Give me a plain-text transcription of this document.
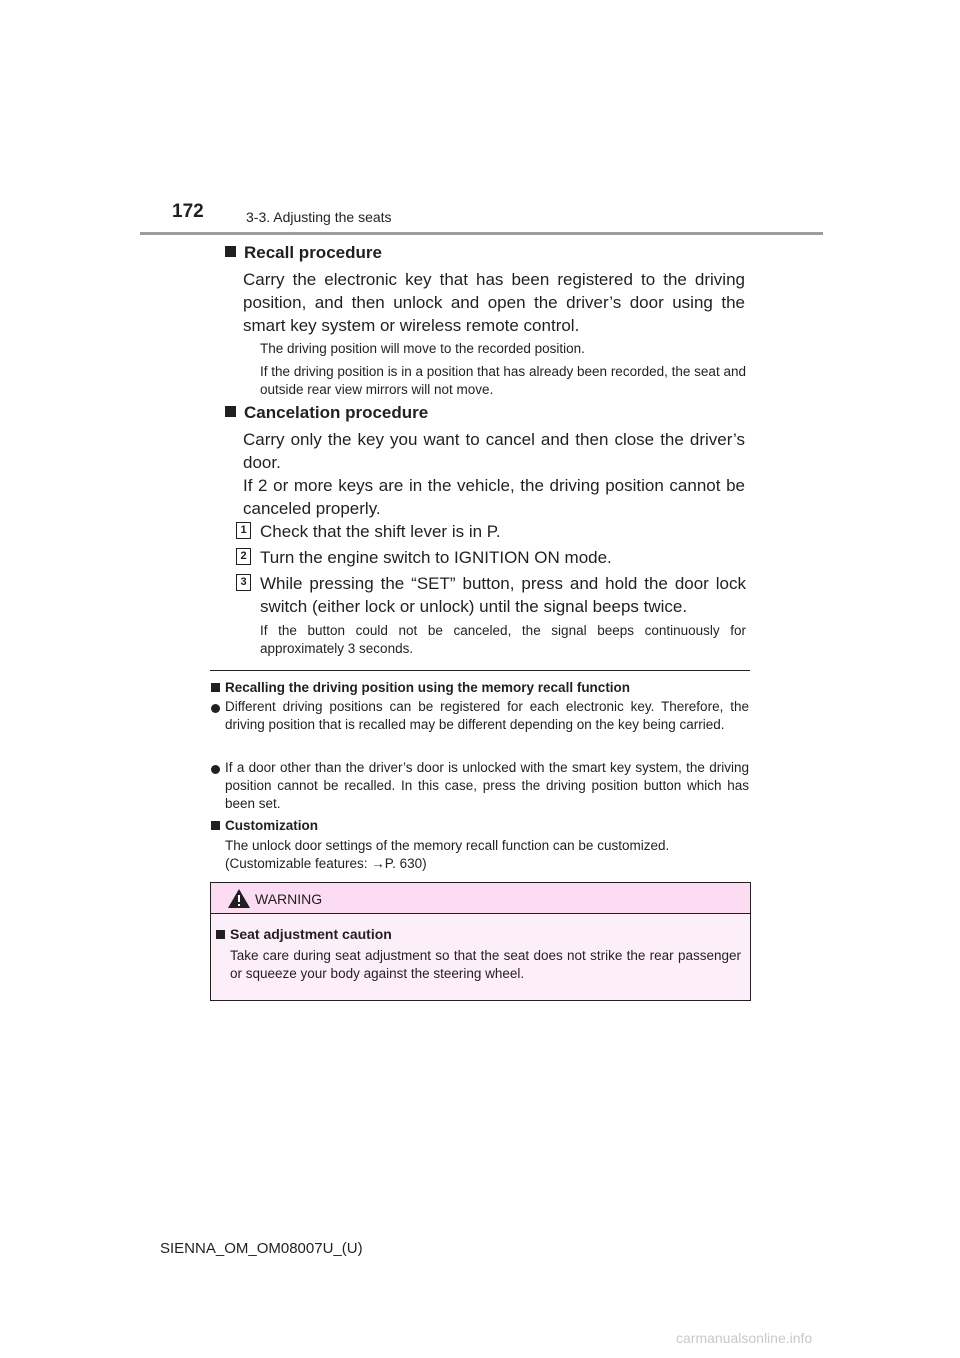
172	3-3. Adjusting the seats
Recall procedure
Carry the electronic key that has been registered to the driving position, and then unlock and open the driver’s door using the smart key system or wireless remote control.
The driving position will move to the recorded position.
If the driving position is in a position that has already been recorded, the seat and outside rear view mirrors will not move.
Cancelation procedure
Carry only the key you want to cancel and then close the driver’s door.
If 2 or more keys are in the vehicle, the driving position cannot be canceled properly.
1 Check that the shift lever is in P.
2 Turn the engine switch to IGNITION ON mode.
3 While pressing the “SET” button, press and hold the door lock switch (either lock or unlock) until the signal beeps twice.
If the button could not be canceled, the signal beeps continuously for approximately 3 seconds.
Recalling the driving position using the memory recall function
Different driving positions can be registered for each electronic key. Therefore, the driving position that is recalled may be different depending on the key being carried.
If a door other than the driver’s door is unlocked with the smart key system, the driving position cannot be recalled. In this case, press the driving position button which has been set.
Customization
The unlock door settings of the memory recall function can be customized.
(Customizable features: →P. 630)
WARNING
Seat adjustment caution
Take care during seat adjustment so that the seat does not strike the rear passenger or squeeze your body against the steering wheel.
SIENNA_OM_OM08007U_(U)
carmanualsonline.info
